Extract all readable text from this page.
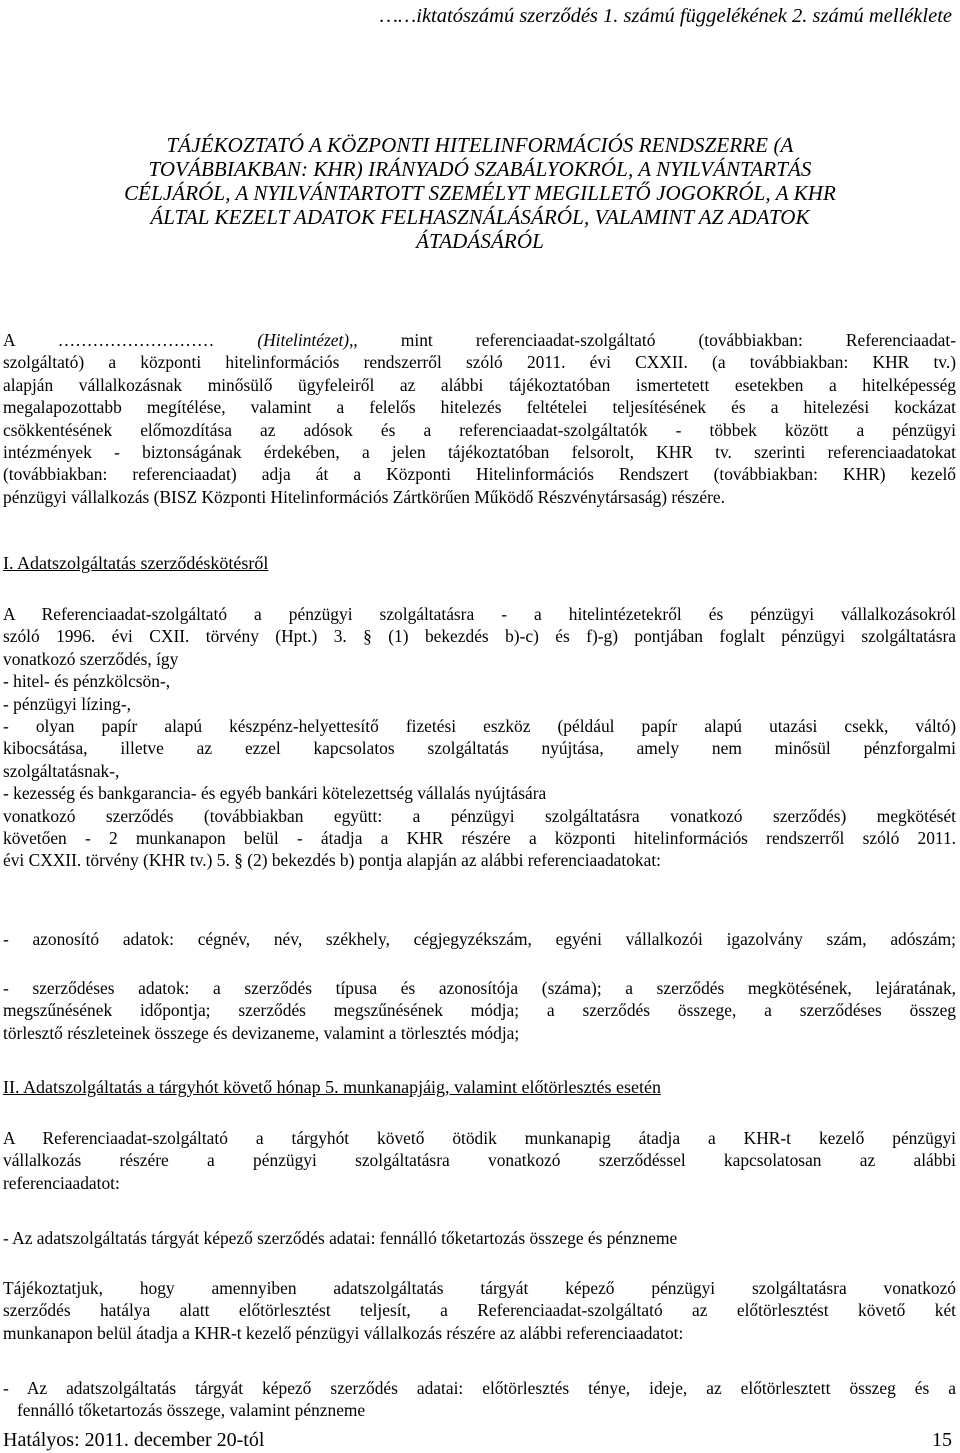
……iktatószámú szerződés 1. számú függelékének 2. számú melléklete
TÁJÉKOZTATÓ A KÖZPONTI HITELINFORMÁCIÓS RENDSZERRE (A
TOVÁBBIAKBAN: KHR) IRÁNYADÓ SZABÁLYOKRÓL, A NYILVÁNTARTÁS
CÉLJÁRÓL, A NYILVÁNTARTOTT SZEMÉLYT MEGILLETŐ JOGOKRÓL, A KHR
ÁLTAL KEZELT ADATOK FELHASZNÁLÁSÁRÓL, VALAMINT AZ ADATOK
ÁTADÁSÁRÓL
A ……………………… (Hitelintézet),, mint referenciaadat-szolgáltató (továbbiakban: Referenciaadat-
szolgáltató) a központi hitelinformációs rendszerről szóló 2011. évi CXXII. (a továbbiakban: KHR tv.)
alapján vállalkozásnak minősülő ügyfeleiről az alábbi tájékoztatóban ismertetett esetekben a hitelképesség
megalapozottabb megítélése, valamint a felelős hitelezés feltételei teljesítésének és a hitelezési kockázat
csökkentésének előmozdítása az adósok és a referenciaadat-szolgáltatók - többek között a pénzügyi
intézmények - biztonságának érdekében, a jelen tájékoztatóban felsorolt, KHR tv. szerinti referenciaadatokat
(továbbiakban: referenciaadat) adja át a Központi Hitelinformációs Rendszert (továbbiakban: KHR) kezelő
pénzügyi vállalkozás (BISZ Központi Hitelinformációs Zártkörűen Működő Részvénytársaság) részére.
I. Adatszolgáltatás szerződéskötésről
A Referenciaadat-szolgáltató a pénzügyi szolgáltatásra - a hitelintézetekről és pénzügyi vállalkozásokról
szóló 1996. évi CXII. törvény (Hpt.) 3. § (1) bekezdés b)-c) és f)-g) pontjában foglalt pénzügyi szolgáltatásra
vonatkozó szerződés, így
- hitel- és pénzkölcsön-,
- pénzügyi lízing-,
- olyan papír alapú készpénz-helyettesítő fizetési eszköz (például papír alapú utazási csekk, váltó)
kibocsátása, illetve az ezzel kapcsolatos szolgáltatás nyújtása, amely nem minősül pénzforgalmi
szolgáltatásnak-,
- kezesség és bankgarancia- és egyéb bankári kötelezettség vállalás nyújtására
vonatkozó szerződés (továbbiakban együtt: a pénzügyi szolgáltatásra vonatkozó szerződés) megkötését
követően - 2 munkanapon belül - átadja a KHR részére a központi hitelinformációs rendszerről szóló 2011.
évi CXXII. törvény (KHR tv.) 5. § (2) bekezdés b) pontja alapján az alábbi referenciaadatokat:
- azonosító adatok: cégnév, név, székhely, cégjegyzékszám, egyéni vállalkozói igazolvány szám, adószám;
- szerződéses adatok: a szerződés típusa és azonosítója (száma); a szerződés megkötésének, lejáratának,
megszűnésének időpontja; szerződés megszűnésének módja; a szerződés összege, a szerződéses összeg
törlesztő részleteinek összege és devizaneme, valamint a törlesztés módja;
II. Adatszolgáltatás a tárgyhót követő hónap 5. munkanapjáig, valamint előtörlesztés esetén
A Referenciaadat-szolgáltató a tárgyhót követő ötödik munkanapig átadja a KHR-t kezelő pénzügyi
vállalkozás részére a pénzügyi szolgáltatásra vonatkozó szerződéssel kapcsolatosan az alábbi
referenciaadatot:
- Az adatszolgáltatás tárgyát képező szerződés adatai: fennálló tőketartozás összege és pénzneme
Tájékoztatjuk, hogy amennyiben adatszolgáltatás tárgyát képező pénzügyi szolgáltatásra vonatkozó
szerződés hatálya alatt előtörlesztést teljesít, a Referenciaadat-szolgáltató az előtörlesztést követő két
munkanapon belül átadja a KHR-t kezelő pénzügyi vállalkozás részére az alábbi referenciaadatot:
- Az adatszolgáltatás tárgyát képező szerződés adatai: előtörlesztés ténye, ideje, az előtörlesztett összeg és a
fennálló tőketartozás összege, valamint pénzneme
Hatályos: 2011. december 20-tól	15
